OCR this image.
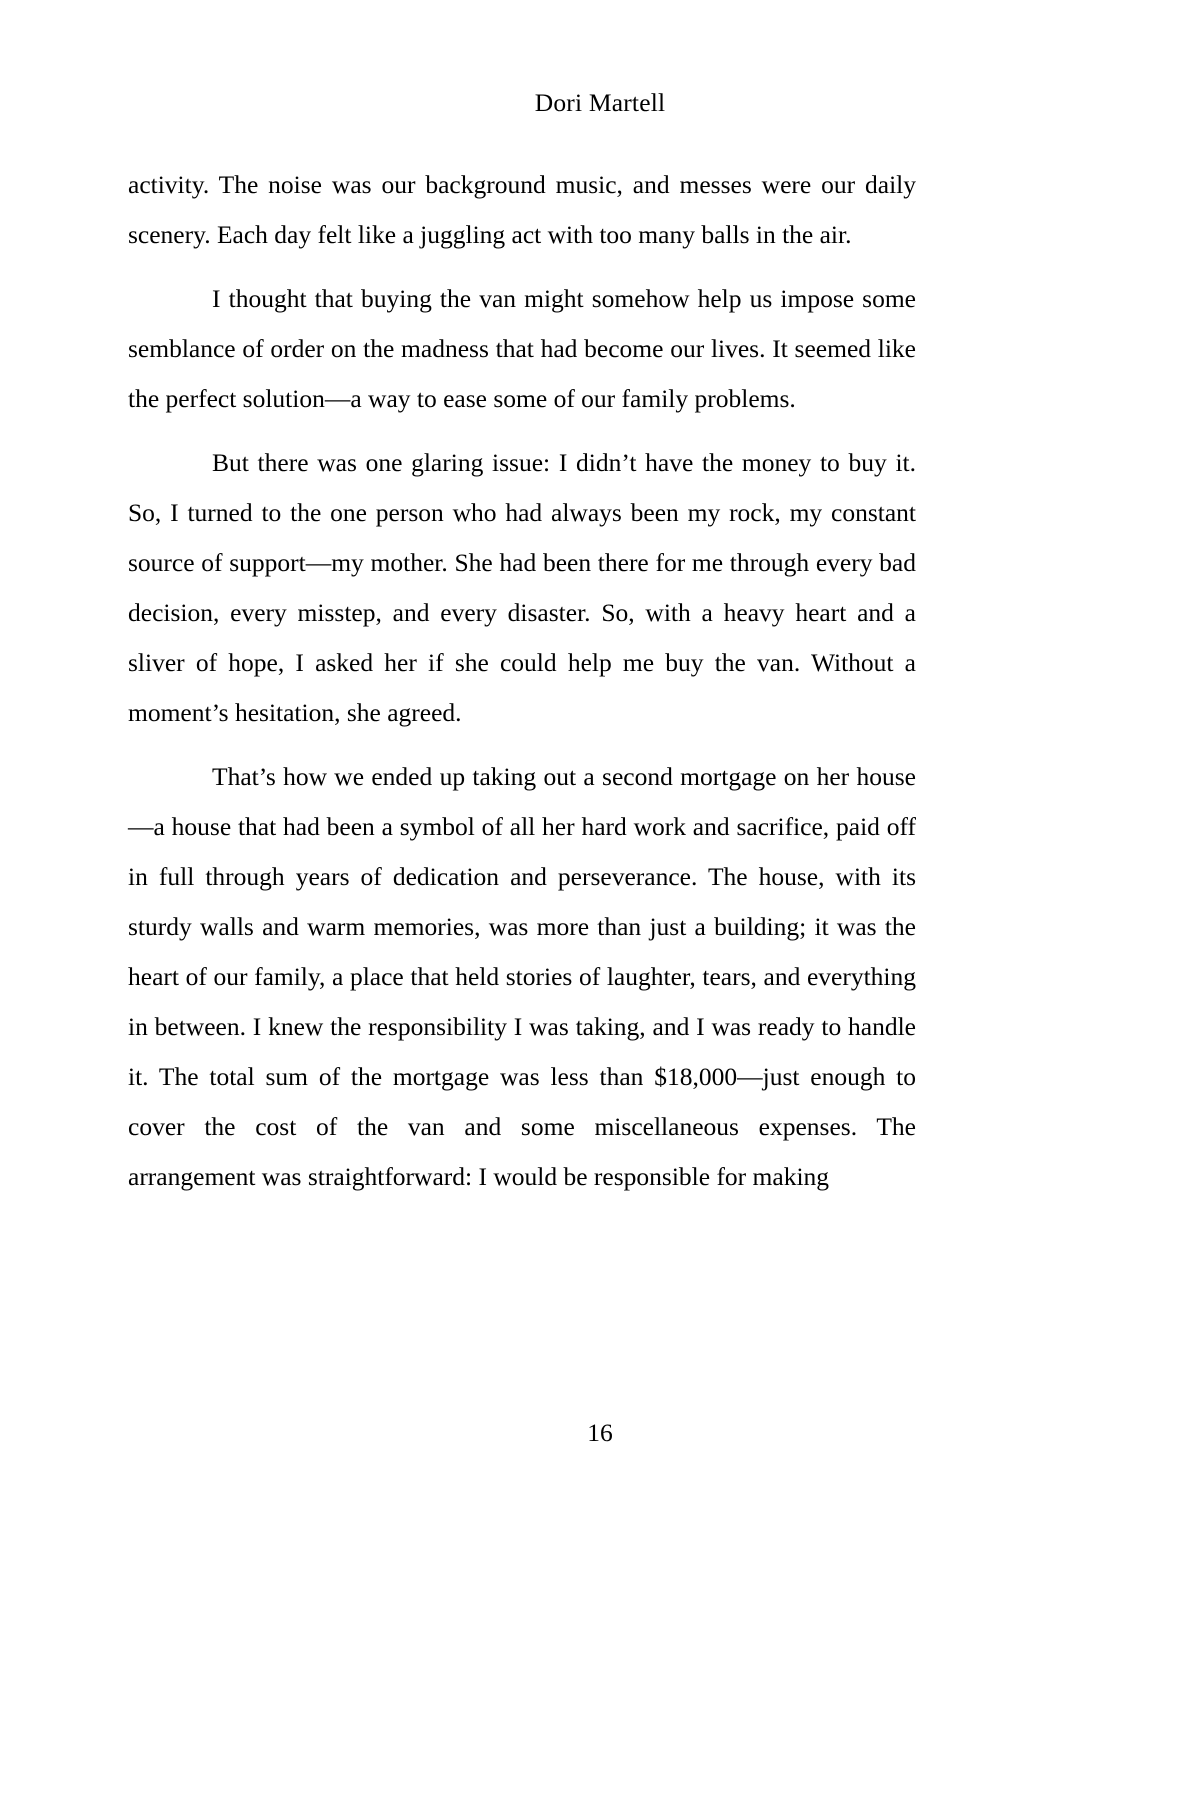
Dori Martell

activity. The noise was our background music, and messes were our daily scenery. Each day felt like a juggling act with too many balls in the air.

I thought that buying the van might somehow help us impose some semblance of order on the madness that had become our lives. It seemed like the perfect solution—a way to ease some of our family problems.

But there was one glaring issue: I didn’t have the money to buy it. So, I turned to the one person who had always been my rock, my constant source of support—my mother. She had been there for me through every bad decision, every misstep, and every disaster. So, with a heavy heart and a sliver of hope, I asked her if she could help me buy the van. Without a moment’s hesitation, she agreed.

That’s how we ended up taking out a second mortgage on her house—a house that had been a symbol of all her hard work and sacrifice, paid off in full through years of dedication and perseverance. The house, with its sturdy walls and warm memories, was more than just a building; it was the heart of our family, a place that held stories of laughter, tears, and everything in between. I knew the responsibility I was taking, and I was ready to handle it. The total sum of the mortgage was less than $18,000—just enough to cover the cost of the van and some miscellaneous expenses. The arrangement was straightforward: I would be responsible for making

16
